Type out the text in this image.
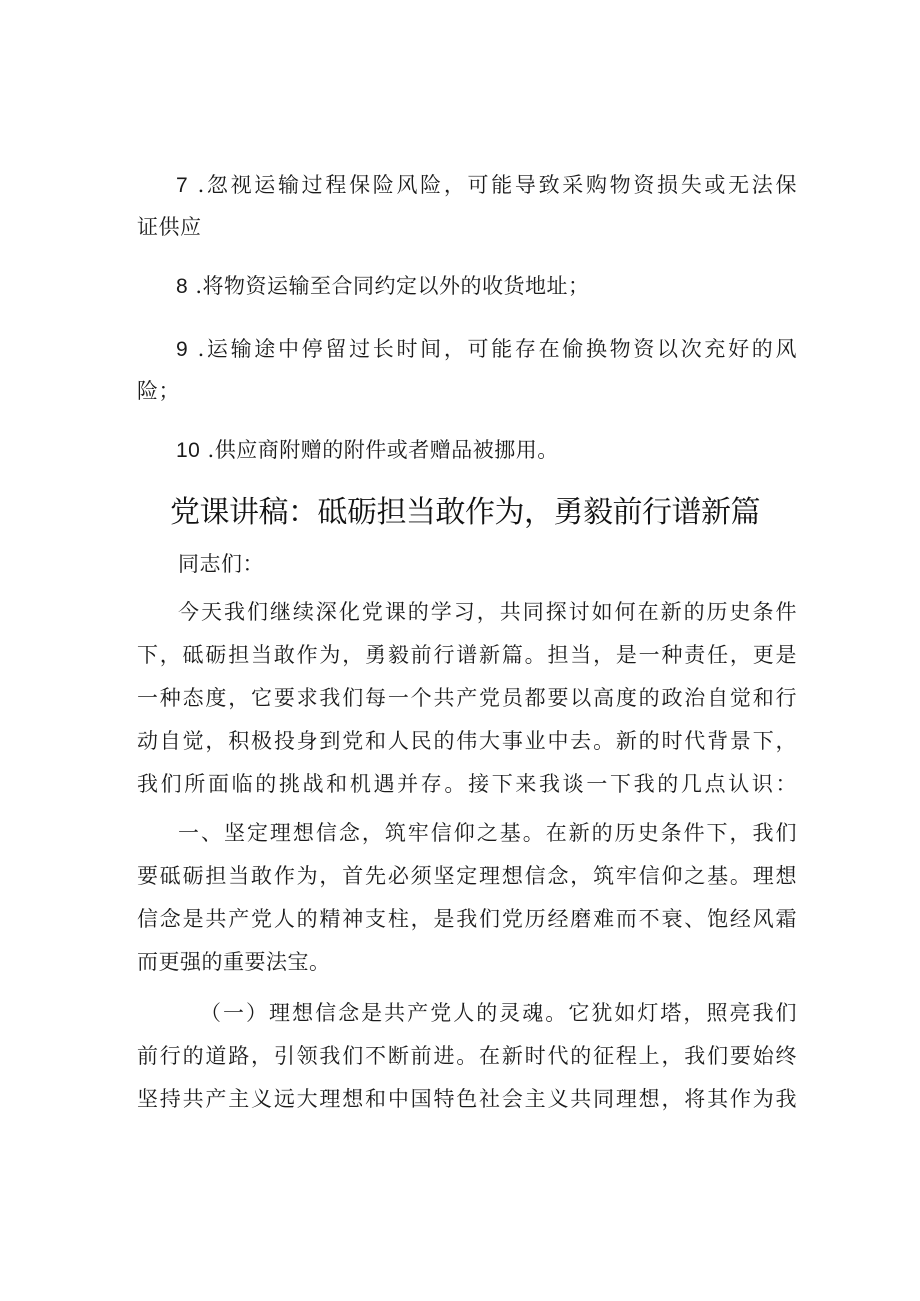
7 .忽视运输过程保险风险，可能导致采购物资损失或无法保
证供应
8 .将物资运输至合同约定以外的收货地址；
9 .运输途中停留过长时间，可能存在偷换物资以次充好的风
险；
10 .供应商附赠的附件或者赠品被挪用。
党课讲稿：砥砺担当敢作为，勇毅前行谱新篇
同志们：
今天我们继续深化党课的学习，共同探讨如何在新的历史条件
下，砥砺担当敢作为，勇毅前行谱新篇。担当，是一种责任，更是
一种态度，它要求我们每一个共产党员都要以高度的政治自觉和行
动自觉，积极投身到党和人民的伟大事业中去。新的时代背景下，
我们所面临的挑战和机遇并存。接下来我谈一下我的几点认识：
一、坚定理想信念，筑牢信仰之基。在新的历史条件下，我们
要砥砺担当敢作为，首先必须坚定理想信念，筑牢信仰之基。理想
信念是共产党人的精神支柱，是我们党历经磨难而不衰、饱经风霜
而更强的重要法宝。
（一）理想信念是共产党人的灵魂。它犹如灯塔，照亮我们
前行的道路，引领我们不断前进。在新时代的征程上，我们要始终
坚持共产主义远大理想和中国特色社会主义共同理想，将其作为我
